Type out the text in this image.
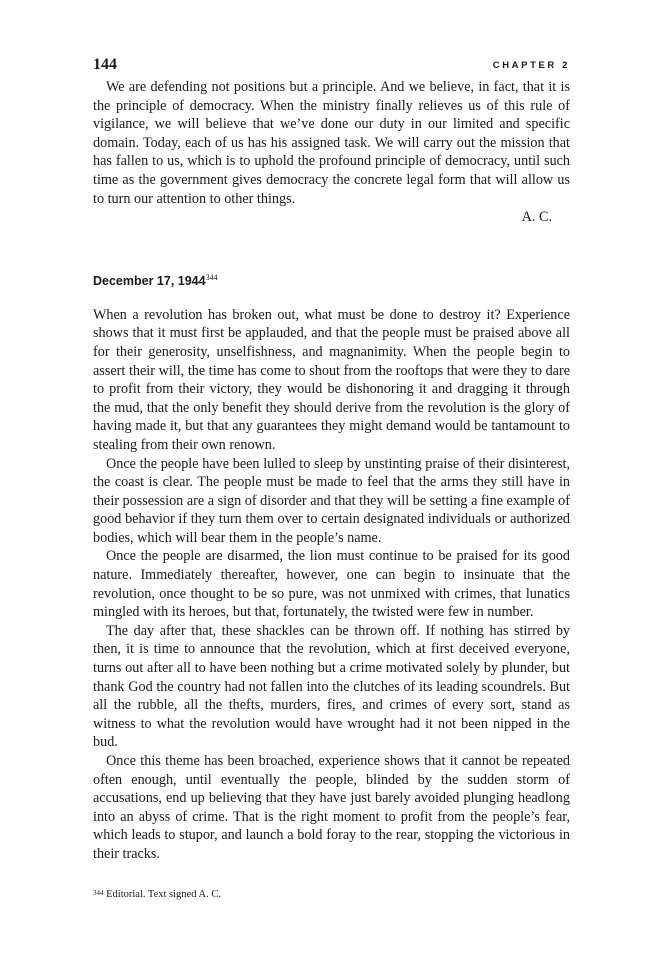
144	CHAPTER 2

We are defending not positions but a principle. And we believe, in fact, that it is the principle of democracy. When the ministry finally relieves us of this rule of vigilance, we will believe that we’ve done our duty in our limited and specific domain. Today, each of us has his assigned task. We will carry out the mission that has fallen to us, which is to uphold the profound principle of democracy, until such time as the government gives democracy the concrete legal form that will allow us to turn our attention to other things.

A. C.
December 17, 1944$^{344}$

When a revolution has broken out, what must be done to destroy it? Experience shows that it must first be applauded, and that the people must be praised above all for their generosity, unselfishness, and magnanimity. When the people begin to assert their will, the time has come to shout from the rooftops that were they to dare to profit from their victory, they would be dishonoring it and dragging it through the mud, that the only benefit they should derive from the revolution is the glory of having made it, but that any guarantees they might demand would be tantamount to stealing from their own renown.

Once the people have been lulled to sleep by unstinting praise of their disinterest, the coast is clear. The people must be made to feel that the arms they still have in their possession are a sign of disorder and that they will be setting a fine example of good behavior if they turn them over to certain designated individuals or authorized bodies, which will bear them in the people’s name.

Once the people are disarmed, the lion must continue to be praised for its good nature. Immediately thereafter, however, one can begin to insinuate that the revolution, once thought to be so pure, was not unmixed with crimes, that lunatics mingled with its heroes, but that, fortunately, the twisted were few in number.

The day after that, these shackles can be thrown off. If nothing has stirred by then, it is time to announce that the revolution, which at first deceived everyone, turns out after all to have been nothing but a crime motivated solely by plunder, but thank God the country had not fallen into the clutches of its leading scoundrels. But all the rubble, all the thefts, murders, fires, and crimes of every sort, stand as witness to what the revolution would have wrought had it not been nipped in the bud.

Once this theme has been broached, experience shows that it cannot be repeated often enough, until eventually the people, blinded by the sudden storm of accusations, end up believing that they have just barely avoided plunging headlong into an abyss of crime. That is the right moment to profit from the people’s fear, which leads to stupor, and launch a bold foray to the rear, stopping the victorious in their tracks.

$^{344}$ Editorial. Text signed A. C.
